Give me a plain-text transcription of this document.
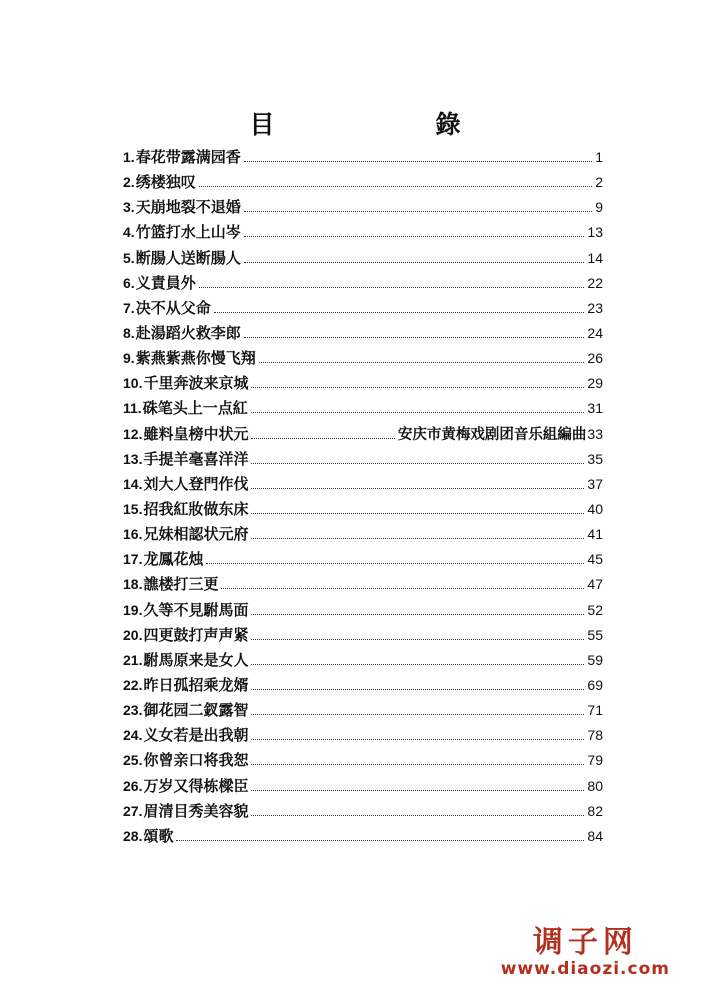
目　錄
1. 春花带露满园香	1
2. 绣楼独叹	2
3. 天崩地裂不退婚	9
4. 竹篮打水上山岑	13
5. 断腸人送断腸人	14
6. 义責員外	22
7. 决不从父命	23
8. 赴湯蹈火救李郎	24
9. 紫燕紫燕你慢飞翔	26
10. 千里奔波来京城	29
11. 硃笔头上一点紅	31
12. 雖料皇榜中状元	安庆市黄梅戏剧团音乐組編曲 33
13. 手提羊毫喜洋洋	35
14. 刘大人登門作伐	37
15. 招我紅妝做东床	40
16. 兄妹相認状元府	41
17. 龙鳳花烛	45
18. 譙楼打三更	47
19. 久等不見駙馬面	52
20. 四更鼓打声声紧	55
21. 駙馬原来是女人	59
22. 昨日孤招乘龙婿	69
23. 御花园二釵露智	71
24. 义女若是出我朝	78
25. 你曾亲口将我恕	79
26. 万岁又得栋樑臣	80
27. 眉清目秀美容貌	82
28. 頌歌	84
调子网
www.diaozi.com
